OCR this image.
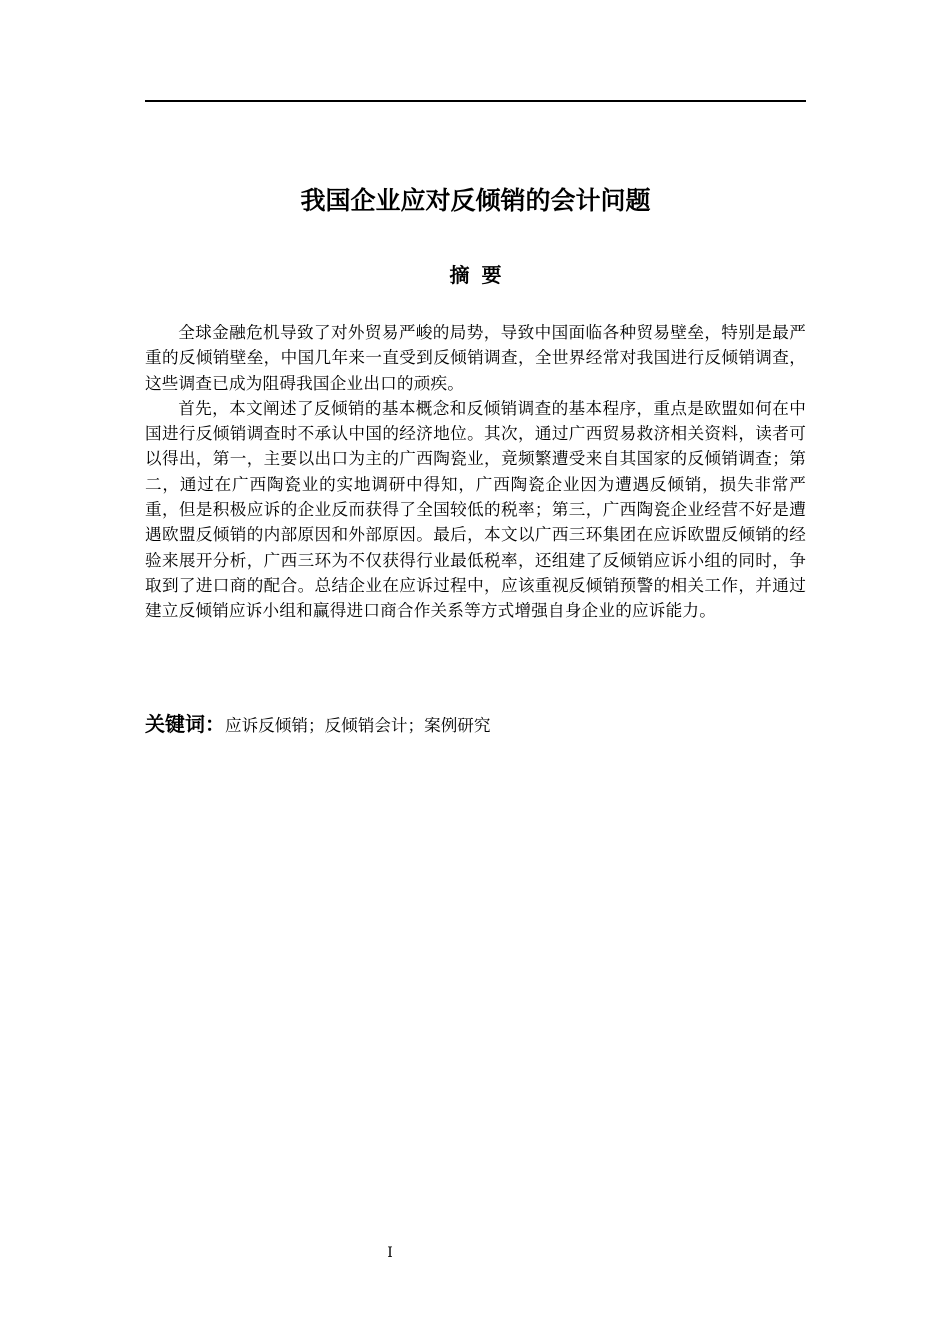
我国企业应对反倾销的会计问题
摘要

全球金融危机导致了对外贸易严峻的局势，导致中国面临各种贸易壁垒，特别是最严重的反倾销壁垒，中国几年来一直受到反倾销调查，全世界经常对我国进行反倾销调查，这些调查已成为阻碍我国企业出口的顽疾。

首先，本文阐述了反倾销的基本概念和反倾销调查的基本程序，重点是欧盟如何在中国进行反倾销调查时不承认中国的经济地位。其次，通过广西贸易救济相关资料，读者可以得出，第一，主要以出口为主的广西陶瓷业，竟频繁遭受来自其国家的反倾销调查；第二，通过在广西陶瓷业的实地调研中得知，广西陶瓷企业因为遭遇反倾销，损失非常严重，但是积极应诉的企业反而获得了全国较低的税率；第三，广西陶瓷企业经营不好是遭遇欧盟反倾销的内部原因和外部原因。最后，本文以广西三环集团在应诉欧盟反倾销的经验来展开分析，广西三环为不仅获得行业最低税率，还组建了反倾销应诉小组的同时，争取到了进口商的配合。总结企业在应诉过程中，应该重视反倾销预警的相关工作，并通过建立反倾销应诉小组和赢得进口商合作关系等方式增强自身企业的应诉能力。

关键词：应诉反倾销；反倾销会计；案例研究
I
